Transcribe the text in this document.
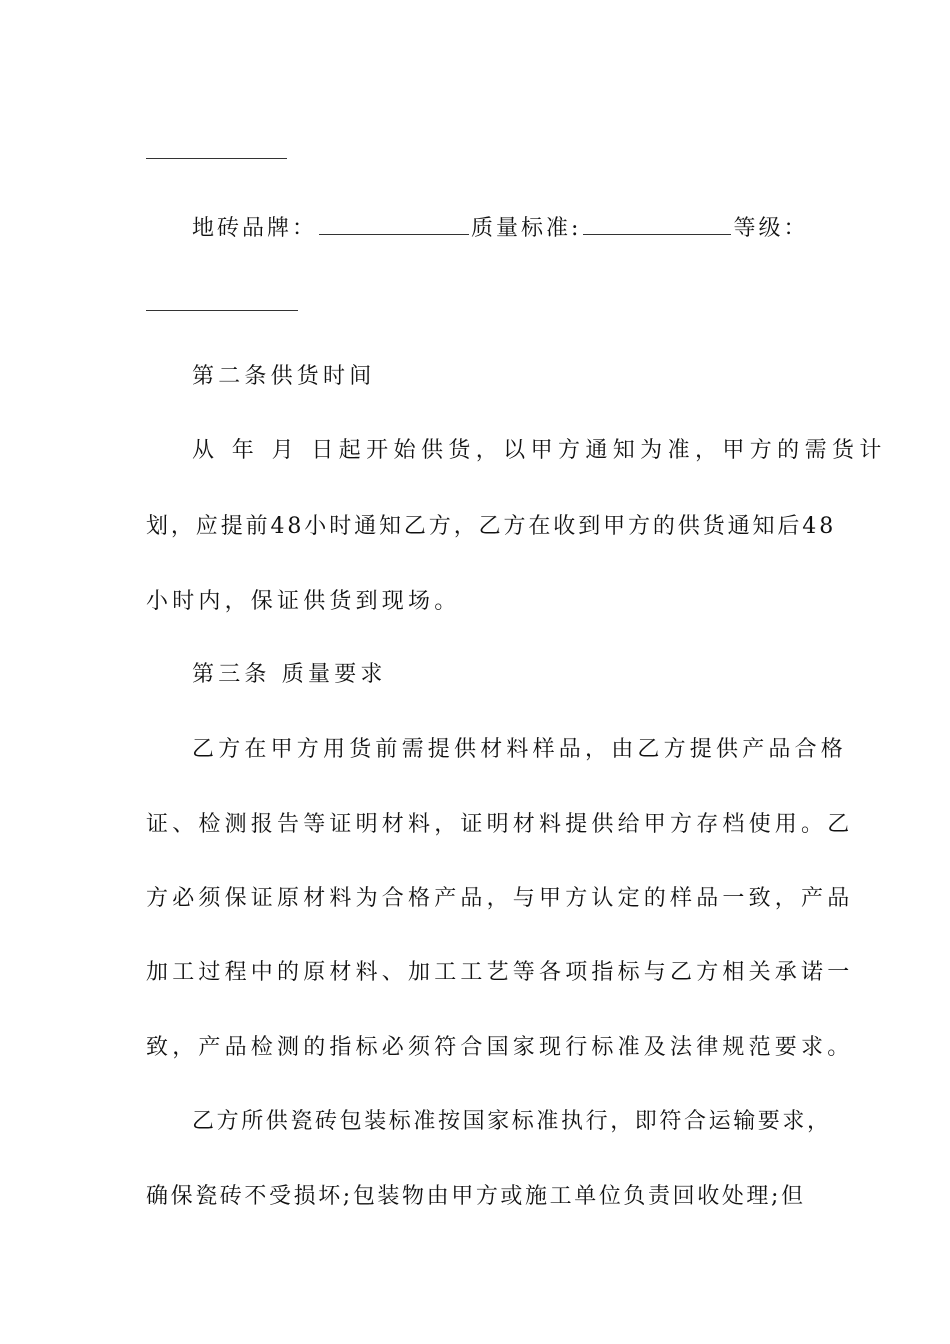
地砖品牌：	质量标准:	等级：
第二条供货时间
从 年 月 日起开始供货，以甲方通知为准，甲方的需货计
划，应提前48小时通知乙方，乙方在收到甲方的供货通知后48
小时内，保证供货到现场。
第三条 质量要求
乙方在甲方用货前需提供材料样品，由乙方提供产品合格
证、检测报告等证明材料，证明材料提供给甲方存档使用。乙
方必须保证原材料为合格产品，与甲方认定的样品一致，产品
加工过程中的原材料、加工工艺等各项指标与乙方相关承诺一
致，产品检测的指标必须符合国家现行标准及法律规范要求。
乙方所供瓷砖包装标准按国家标准执行，即符合运输要求，
确保瓷砖不受损坏;包装物由甲方或施工单位负责回收处理;但
